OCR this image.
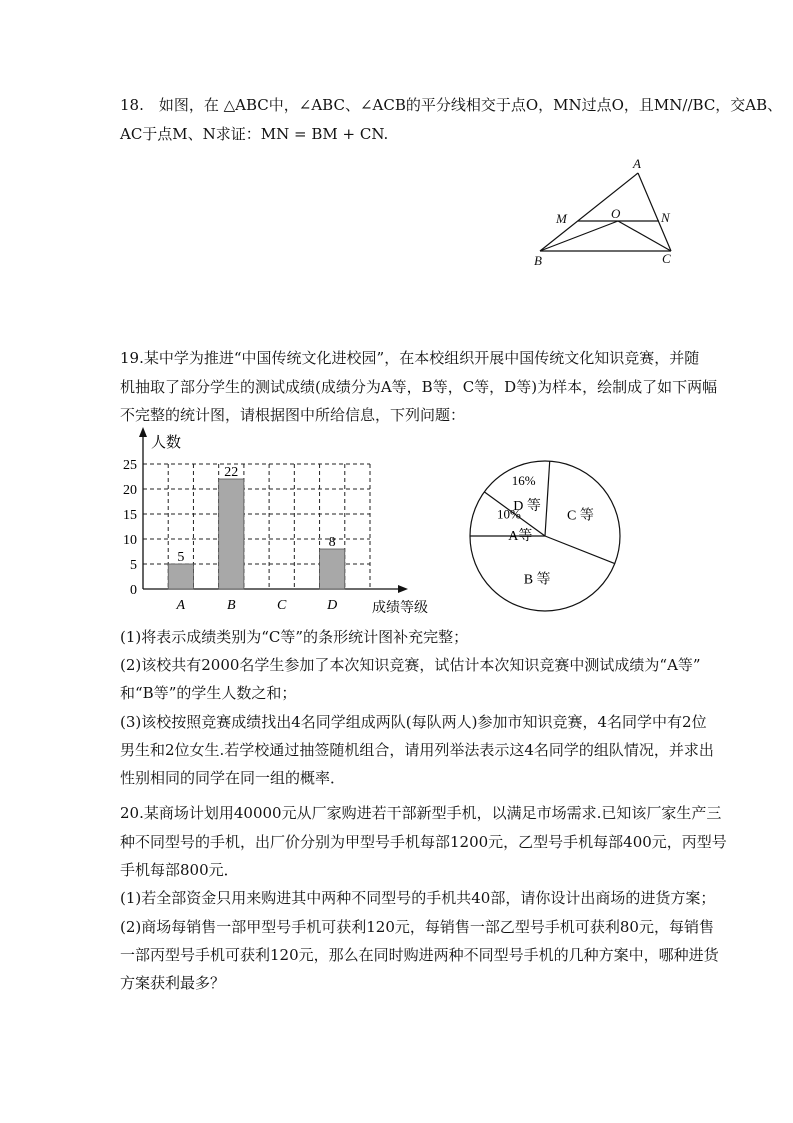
18.　如图，在 △ABC中，∠ABC、∠ACB的平分线相交于点O，MN过点O，且MN//BC，交AB、
AC于点M、N求证：MN = BM + CN.
A
M	O	N
B	C
19.某中学为推进“中国传统文化进校园”，在本校组织开展中国传统文化知识竞赛，并随
机抽取了部分学生的测试成绩(成绩分为A等，B等，C等，D等)为样本，绘制成了如下两幅
不完整的统计图，请根据图中所给信息，下列问题：
0
5
10
15
20
25
人数
成绩等级
5
A
22
B	C
8
D
10%
A等
16%
D 等
C 等
B 等
(1)将表示成绩类别为“C等”的条形统计图补充完整；
(2)该校共有2000名学生参加了本次知识竞赛，试估计本次知识竞赛中测试成绩为“A等”
和“B等”的学生人数之和；
(3)该校按照竞赛成绩找出4名同学组成两队(每队两人)参加市知识竞赛，4名同学中有2位
男生和2位女生.若学校通过抽签随机组合，请用列举法表示这4名同学的组队情况，并求出
性别相同的同学在同一组的概率．
20.某商场计划用40000元从厂家购进若干部新型手机，以满足市场需求.已知该厂家生产三
种不同型号的手机，出厂价分别为甲型号手机每部1200元，乙型号手机每部400元，丙型号
手机每部800元．
(1)若全部资金只用来购进其中两种不同型号的手机共40部，请你设计出商场的进货方案；
(2)商场每销售一部甲型号手机可获利120元，每销售一部乙型号手机可获利80元，每销售
一部丙型号手机可获利120元，那么在同时购进两种不同型号手机的几种方案中，哪种进货
方案获利最多？
